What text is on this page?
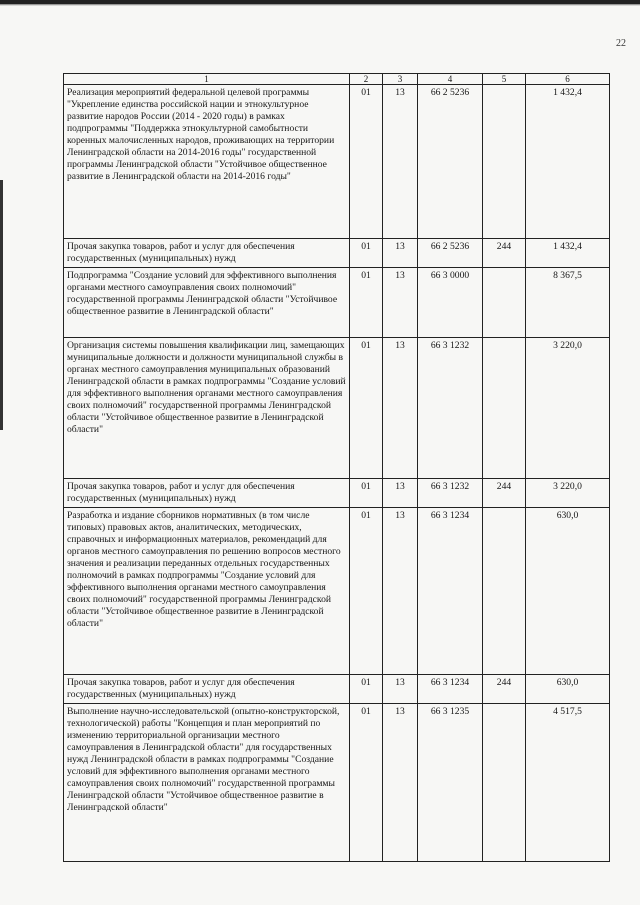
22
1	2	3	4	5	6
Реализация мероприятий федеральной целевой программы "Укрепление единства российской нации и этнокультурное развитие народов России (2014 - 2020 годы) в рамках подпрограммы "Поддержка этнокультурной самобытности коренных малочисленных народов, проживающих на территории Ленинградской области на 2014-2016 годы" государственной программы Ленинградской области "Устойчивое общественное развитие в Ленинградской области на 2014-2016 годы"	01	13	66 2 5236		1 432,4
Прочая закупка товаров, работ и услуг для обеспечения государственных (муниципальных) нужд	01	13	66 2 5236	244	1 432,4
Подпрограмма "Создание условий для эффективного выполнения органами местного самоуправления своих полномочий" государственной программы Ленинградской области "Устойчивое общественное развитие в Ленинградской области"	01	13	66 3 0000		8 367,5
Организация системы повышения квалификации лиц, замещающих муниципальные должности и должности муниципальной службы в органах местного самоуправления муниципальных образований Ленинградской области в рамках подпрограммы "Создание условий для эффективного выполнения органами местного самоуправления своих полномочий" государственной программы Ленинградской области "Устойчивое общественное развитие в Ленинградской области"	01	13	66 3 1232		3 220,0
Прочая закупка товаров, работ и услуг для обеспечения государственных (муниципальных) нужд	01	13	66 3 1232	244	3 220,0
Разработка и издание сборников нормативных (в том числе типовых) правовых актов, аналитических, методических, справочных и информационных материалов, рекомендаций для органов местного самоуправления по решению вопросов местного значения и реализации переданных отдельных государственных полномочий в рамках подпрограммы "Создание условий для эффективного выполнения органами местного самоуправления своих полномочий" государственной программы Ленинградской области "Устойчивое общественное развитие в Ленинградской области"	01	13	66 3 1234		630,0
Прочая закупка товаров, работ и услуг для обеспечения государственных (муниципальных) нужд	01	13	66 3 1234	244	630,0
Выполнение научно-исследовательской (опытно-конструкторской, технологической) работы "Концепция и план мероприятий по изменению территориальной организации местного самоуправления в Ленинградской области" для государственных нужд Ленинградской области в рамках подпрограммы "Создание условий для эффективного выполнения органами местного самоуправления своих полномочий" государственной программы Ленинградской области "Устойчивое общественное развитие в Ленинградской области"	01	13	66 3 1235		4 517,5
